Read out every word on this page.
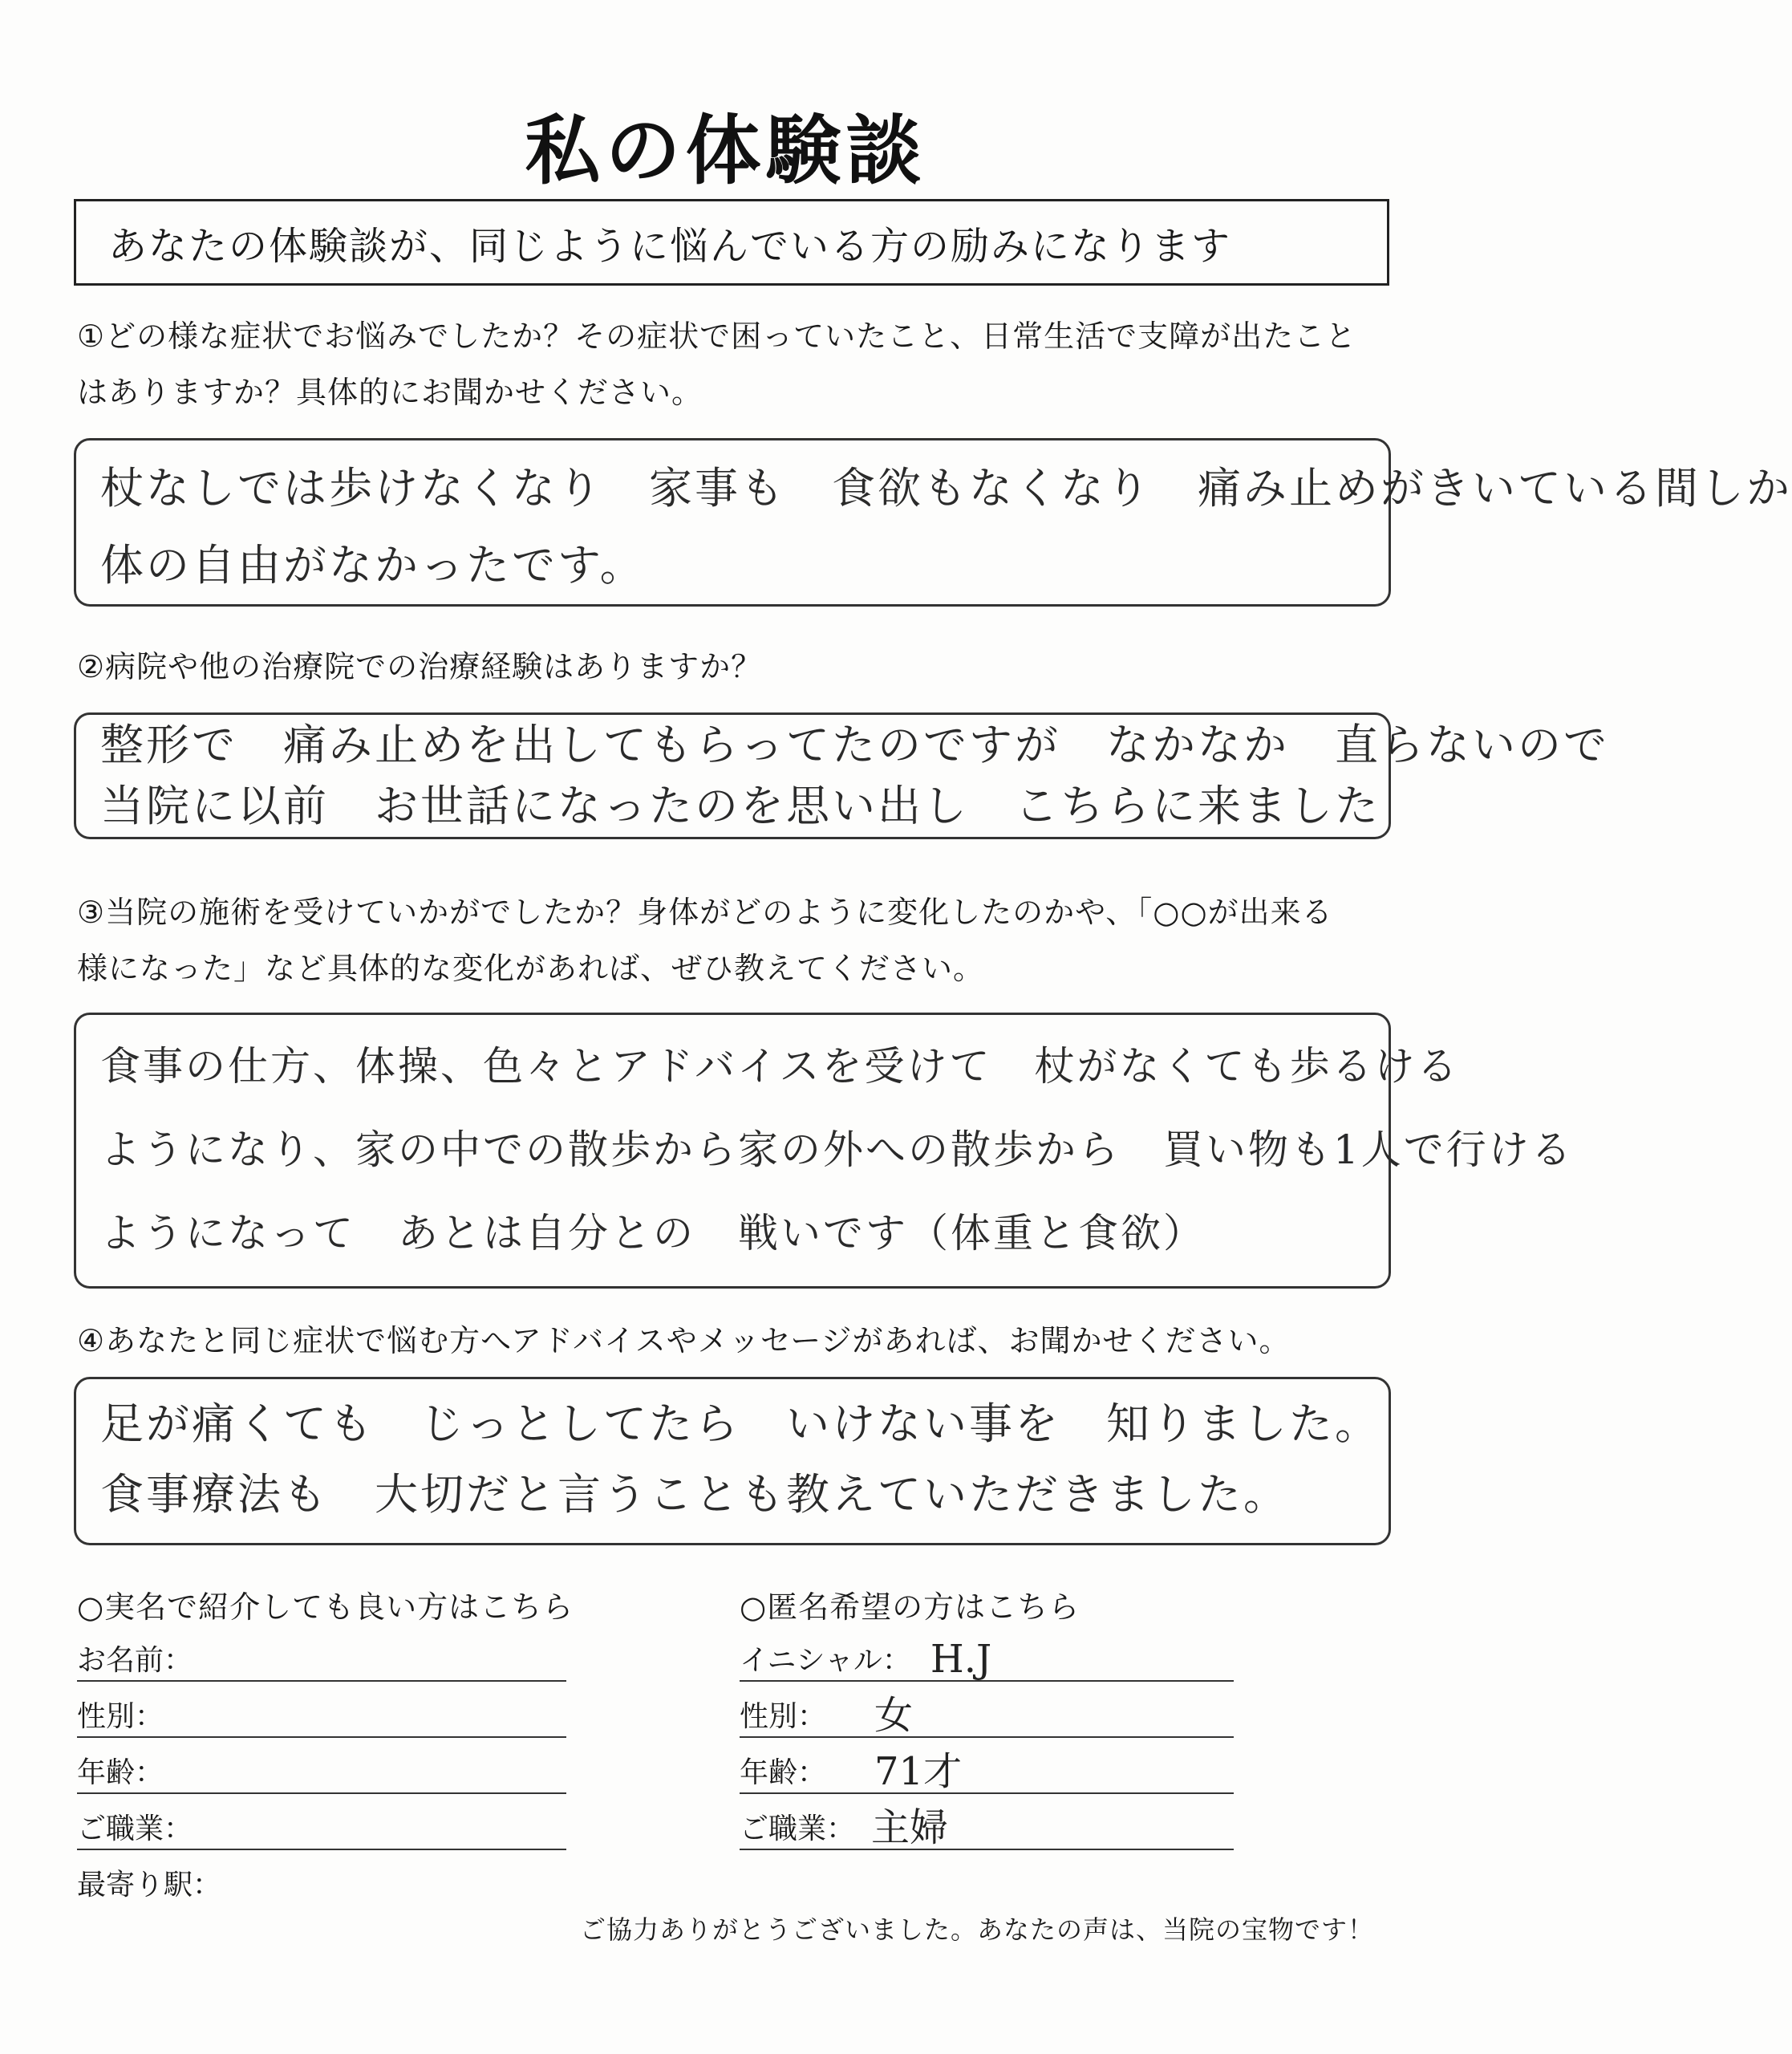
私の体験談
あなたの体験談が、同じように悩んでいる方の励みになります
①どの様な症状でお悩みでしたか？その症状で困っていたこと、日常生活で支障が出たこと
はありますか？具体的にお聞かせください。
杖なしでは歩けなくなり　家事も　食欲もなくなり　痛み止めがきいている間しか
体の自由がなかったです。
②病院や他の治療院での治療経験はありますか？
整形で　痛み止めを出してもらってたのですが　なかなか　直らないので
当院に以前　お世話になったのを思い出し　こちらに来ました
③当院の施術を受けていかがでしたか？身体がどのように変化したのかや、「○○が出来る
様になった」など具体的な変化があれば、ぜひ教えてください。
食事の仕方、体操、色々とアドバイスを受けて　杖がなくても歩るける
ようになり、家の中での散歩から家の外への散歩から　買い物も1人で行ける
ようになって　あとは自分との　戦いです（体重と食欲）
④あなたと同じ症状で悩む方へアドバイスやメッセージがあれば、お聞かせください。
足が痛くても　じっとしてたら　いけない事を　知りました。
食事療法も　大切だと言うことも教えていただきました。
○実名で紹介しても良い方はこちら
お名前：
性別：
年齢：
ご職業：
最寄り駅：
○匿名希望の方はこちら
イニシャル： H.J
性別： 女
年齢： 71才
ご職業： 主婦
ご協力ありがとうございました。あなたの声は、当院の宝物です！
